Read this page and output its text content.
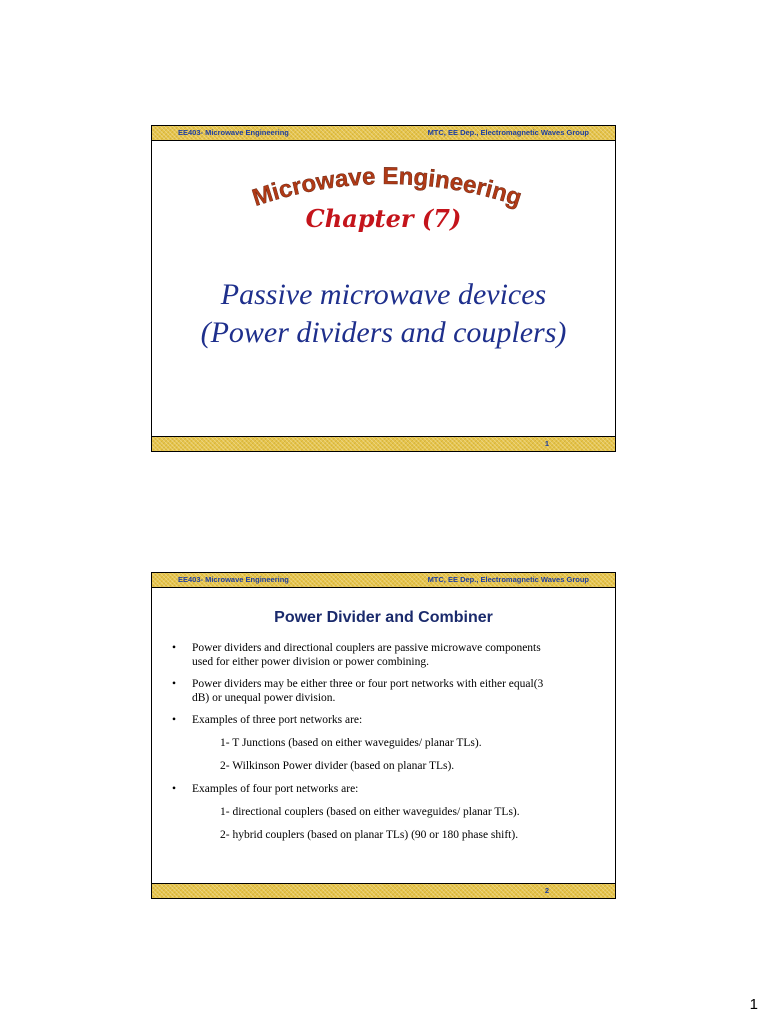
EE403- Microwave Engineering	MTC, EE Dep., Electromagnetic Waves Group
Microwave Engineering
Chapter (7)
Passive microwave devices
(Power dividers and couplers)
1
EE403- Microwave Engineering	MTC, EE Dep., Electromagnetic Waves Group
Power Divider and Combiner
• Power dividers and directional couplers are passive microwave components
used for either power division or power combining.
• Power dividers may be either three or four port networks with either equal(3
dB) or unequal power division.
• Examples of three port networks are:
1- T Junctions (based on either waveguides/ planar TLs).
2- Wilkinson Power divider (based on planar TLs).
• Examples of four port networks are:
1- directional couplers (based on either waveguides/ planar TLs).
2- hybrid couplers (based on planar TLs) (90 or 180 phase shift).
2
1
